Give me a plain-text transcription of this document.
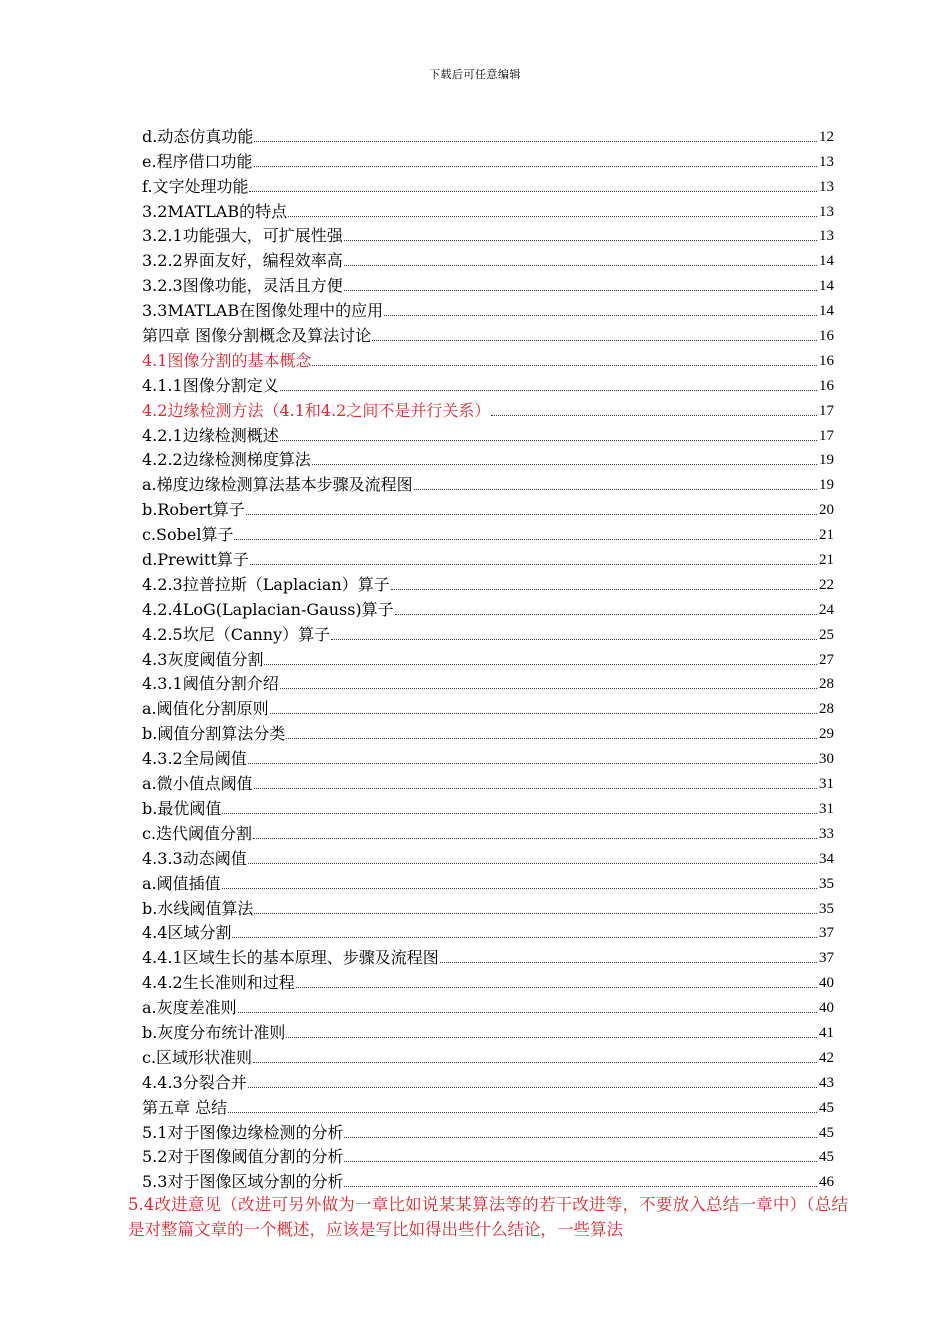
下载后可任意编辑
d.动态仿真功能	12
e.程序借口功能	13
f.文字处理功能	13
3.2MATLAB的特点	13
3.2.1功能强大，可扩展性强	13
3.2.2界面友好，编程效率高	14
3.2.3图像功能，灵活且方便	14
3.3MATLAB在图像处理中的应用	14
第四章 图像分割概念及算法讨论	16
4.1图像分割的基本概念	16
4.1.1图像分割定义	16
4.2边缘检测方法（4.1和4.2之间不是并行关系）	17
4.2.1边缘检测概述	17
4.2.2边缘检测梯度算法	19
a.梯度边缘检测算法基本步骤及流程图	19
b.Robert算子	20
c.Sobel算子	21
d.Prewitt算子	21
4.2.3拉普拉斯（Laplacian）算子	22
4.2.4LoG(Laplacian-Gauss)算子	24
4.2.5坎尼（Canny）算子	25
4.3灰度阈值分割	27
4.3.1阈值分割介绍	28
a.阈值化分割原则	28
b.阈值分割算法分类	29
4.3.2全局阈值	30
a.微小值点阈值	31
b.最优阈值	31
c.迭代阈值分割	33
4.3.3动态阈值	34
a.阈值插值	35
b.水线阈值算法	35
4.4区域分割	37
4.4.1区域生长的基本原理、步骤及流程图	37
4.4.2生长准则和过程	40
a.灰度差准则	40
b.灰度分布统计准则	41
c.区域形状准则	42
4.4.3分裂合并	43
第五章 总结	45
5.1对于图像边缘检测的分析	45
5.2对于图像阈值分割的分析	45
5.3对于图像区域分割的分析	46
5.4改进意见（改进可另外做为一章比如说某某算法等的若干改进等，不要放入总结一章中）（总结是对整篇文章的一个概述，应该是写比如得出些什么结论，一些算法
